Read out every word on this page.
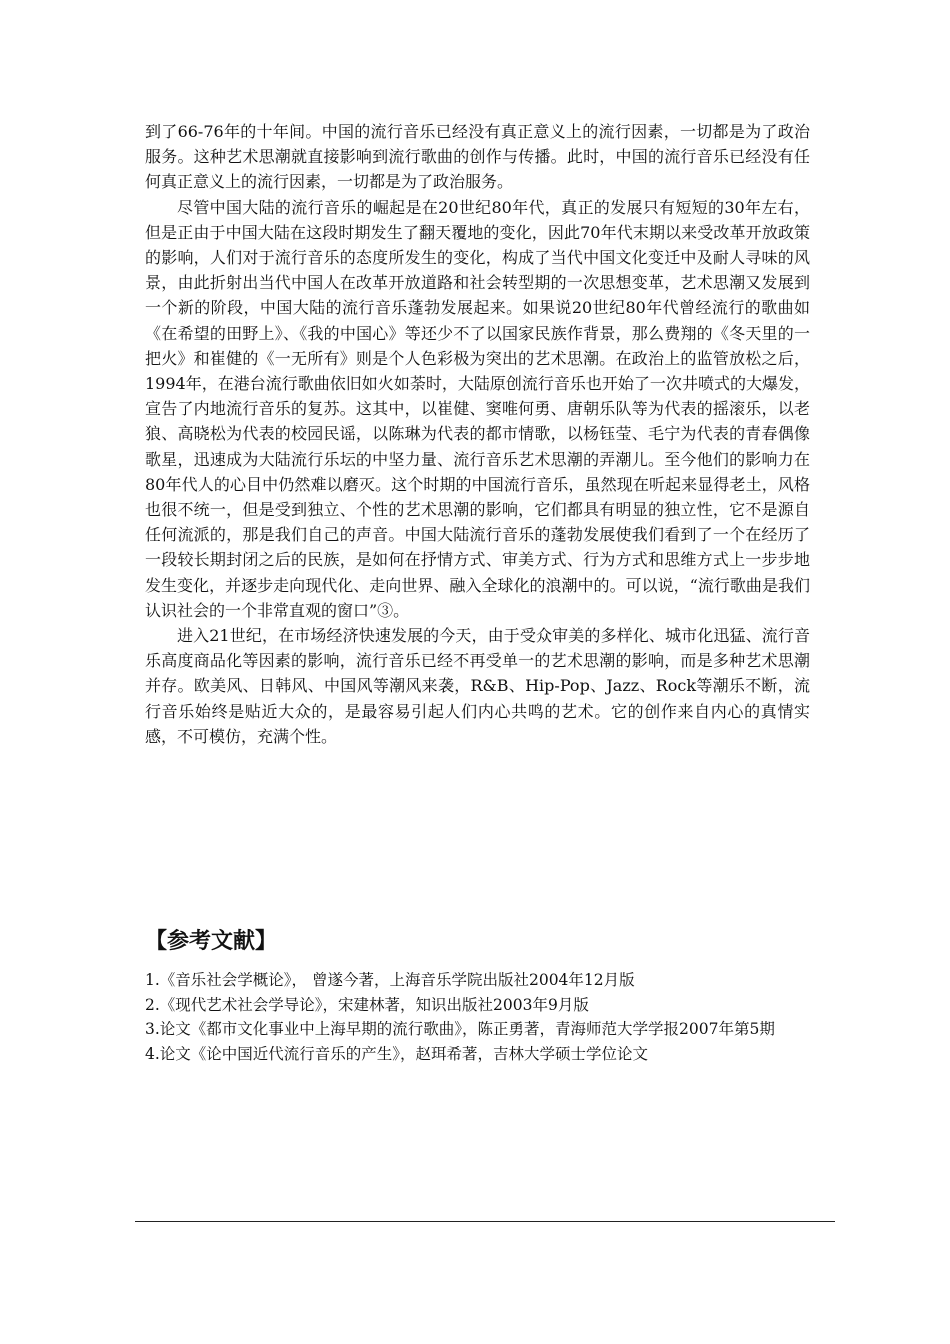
到了66-76年的十年间。中国的流行音乐已经没有真正意义上的流行因素，一切都是为了政治服务。这种艺术思潮就直接影响到流行歌曲的创作与传播。此时，中国的流行音乐已经没有任何真正意义上的流行因素，一切都是为了政治服务。

尽管中国大陆的流行音乐的崛起是在20世纪80年代，真正的发展只有短短的30年左右，但是正由于中国大陆在这段时期发生了翻天覆地的变化，因此70年代末期以来受改革开放政策的影响，人们对于流行音乐的态度所发生的变化，构成了当代中国文化变迁中及耐人寻味的风景，由此折射出当代中国人在改革开放道路和社会转型期的一次思想变革，艺术思潮又发展到一个新的阶段，中国大陆的流行音乐蓬勃发展起来。如果说20世纪80年代曾经流行的歌曲如《在希望的田野上》、《我的中国心》等还少不了以国家民族作背景，那么费翔的《冬天里的一把火》和崔健的《一无所有》则是个人色彩极为突出的艺术思潮。在政治上的监管放松之后，1994年，在港台流行歌曲依旧如火如荼时，大陆原创流行音乐也开始了一次井喷式的大爆发，宣告了内地流行音乐的复苏。这其中，以崔健、窦唯何勇、唐朝乐队等为代表的摇滚乐，以老狼、高晓松为代表的校园民谣，以陈琳为代表的都市情歌，以杨钰莹、毛宁为代表的青春偶像歌星，迅速成为大陆流行乐坛的中坚力量、流行音乐艺术思潮的弄潮儿。至今他们的影响力在80年代人的心目中仍然难以磨灭。这个时期的中国流行音乐，虽然现在听起来显得老土，风格也很不统一，但是受到独立、个性的艺术思潮的影响，它们都具有明显的独立性，它不是源自任何流派的，那是我们自己的声音。中国大陆流行音乐的蓬勃发展使我们看到了一个在经历了一段较长期封闭之后的民族，是如何在抒情方式、审美方式、行为方式和思维方式上一步步地发生变化，并逐步走向现代化、走向世界、融入全球化的浪潮中的。可以说，“流行歌曲是我们认识社会的一个非常直观的窗口”③。

进入21世纪，在市场经济快速发展的今天，由于受众审美的多样化、城市化迅猛、流行音乐高度商品化等因素的影响，流行音乐已经不再受单一的艺术思潮的影响，而是多种艺术思潮并存。欧美风、日韩风、中国风等潮风来袭，R&B、Hip-Pop、Jazz、Rock等潮乐不断，流行音乐始终是贴近大众的，是最容易引起人们内心共鸣的艺术。它的创作来自内心的真情实感，不可模仿，充满个性。

【参考文献】
1.《音乐社会学概论》， 曾遂今著，上海音乐学院出版社2004年12月版
2.《现代艺术社会学导论》，宋建林著，知识出版社2003年9月版
3.论文《都市文化事业中上海早期的流行歌曲》，陈正勇著，青海师范大学学报2007年第5期
4.论文《论中国近代流行音乐的产生》，赵珥希著，吉林大学硕士学位论文
